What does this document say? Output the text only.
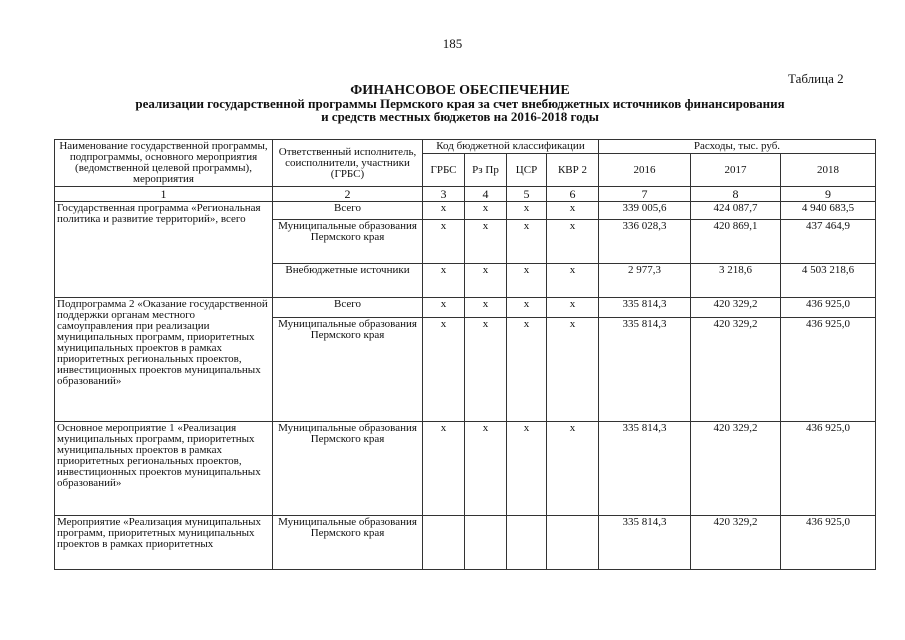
185
Таблица 2
ФИНАНСОВОЕ ОБЕСПЕЧЕНИЕ
реализации государственной программы Пермского края за счет внебюджетных источников финансирования
и средств местных бюджетов на 2016-2018 годы
Наименование государственной программы, подпрограммы, основного мероприятия (ведомственной целевой программы), мероприятия	Ответственный исполнитель, соисполнители, участники (ГРБС)	Код бюджетной классификации				Расходы, тыс. руб.		
		ГРБС	Рз Пр	ЦСР	КВР 2	2016	2017	2018
1	2	3	4	5	6	7	8	9
Государственная программа «Региональная политика и развитие территорий», всего	Всего	х	х	х	х	339 005,6	424 087,7	4 940 683,5
	Муниципальные образования Пермского края	х	х	х	х	336 028,3	420 869,1	437 464,9
	Внебюджетные источники	х	х	х	х	2 977,3	3 218,6	4 503 218,6
Подпрограмма 2 «Оказание государственной поддержки органам местного самоуправления при реализации муниципальных программ, приоритетных муниципальных проектов в рамках приоритетных региональных проектов, инвестиционных проектов муниципальных образований»	Всего	х	х	х	х	335 814,3	420 329,2	436 925,0
	Муниципальные образования Пермского края	х	х	х	х	335 814,3	420 329,2	436 925,0
Основное мероприятие 1 «Реализация муниципальных программ, приоритетных муниципальных проектов в рамках приоритетных региональных проектов, инвестиционных проектов муниципальных образований»	Муниципальные образования Пермского края	х	х	х	х	335 814,3	420 329,2	436 925,0
Мероприятие «Реализация муниципальных программ, приоритетных муниципальных проектов в рамках приоритетных	Муниципальные образования Пермского края					335 814,3	420 329,2	436 925,0
